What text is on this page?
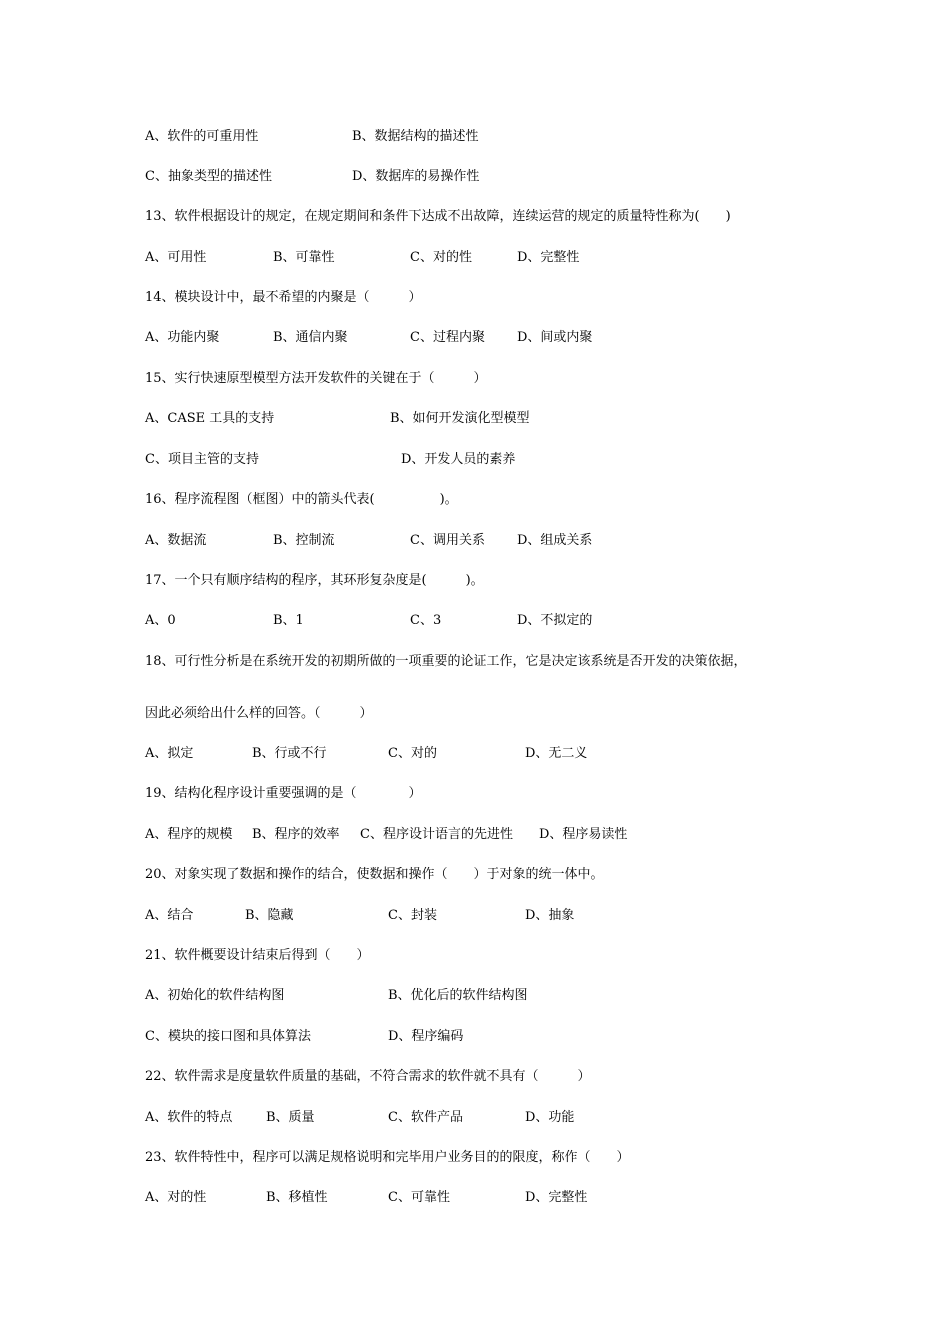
A、软件的可重用性	B、数据结构的描述性
C、抽象类型的描述性	D、数据库的易操作性
13、软件根据设计的规定，在规定期间和条件下达成不出故障，连续运营的规定的质量特性称为(　　)
A、可用性	B、可靠性	C、对的性	D、完整性
14、模块设计中，最不希望的内聚是（　　　）
A、功能内聚	B、通信内聚	C、过程内聚 D、间或内聚
15、实行快速原型模型方法开发软件的关键在于（　　　）
A、CASE 工具的支持	B、如何开发演化型模型
C、项目主管的支持	D、开发人员的素养
16、程序流程图（框图）中的箭头代表(　　　　　)。
A、数据流	B、控制流	C、调用关系 D、组成关系
17、一个只有顺序结构的程序，其环形复杂度是(　　　)。
A、0	B、1	C、3	D、不拟定的
18、可行性分析是在系统开发的初期所做的一项重要的论证工作，它是决定该系统是否开发的决策依据，
因此必须给出什么样的回答。（　　　）
A、拟定	B、行或不行	C、对的	D、无二义
19、结构化程序设计重要强调的是（　　　　）
A、程序的规模 B、程序的效率 C、程序设计语言的先进性 D、程序易读性
20、对象实现了数据和操作的结合，使数据和操作（　　）于对象的统一体中。
A、结合	B、隐藏	C、封装	D、抽象
21、软件概要设计结束后得到（　　）
A、初始化的软件结构图	B、优化后的软件结构图
C、模块的接口图和具体算法	D、程序编码
22、软件需求是度量软件质量的基础，不符合需求的软件就不具有（　　　）
A、软件的特点	B、质量	C、软件产品	D、功能
23、软件特性中，程序可以满足规格说明和完毕用户业务目的的限度，称作（　　）
A、对的性	B、移植性	C、可靠性	D、完整性
